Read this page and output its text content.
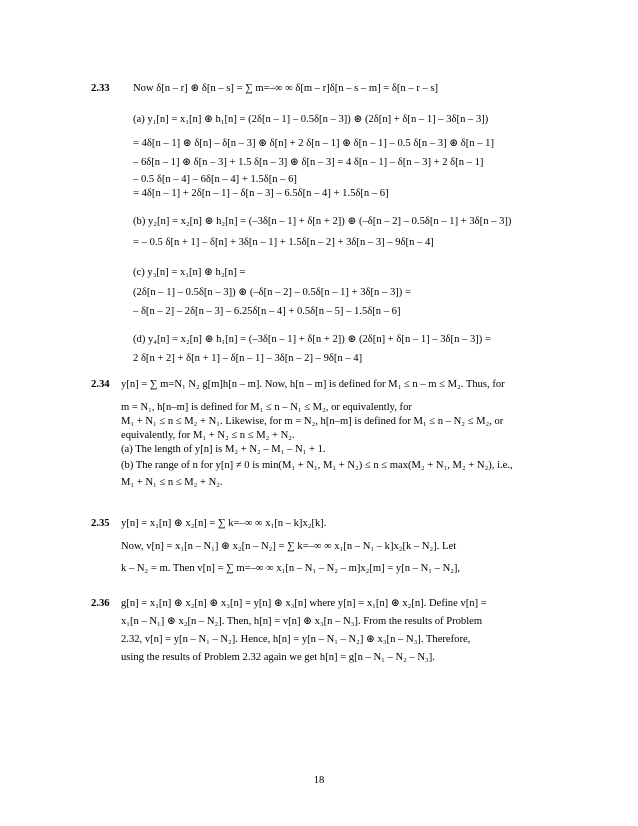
2.33 Now δ[n – r] ⊛ δ[n – s] = ∑ m=–∞ ∞ δ[m – r]δ[n – s – m] = δ[n – r – s]
(a) y₁[n] = x₁[n] ⊛ h₁[n] = (2δ[n – 1] – 0.5δ[n – 3]) ⊛ (2δ[n] + δ[n – 1] – 3δ[n – 3])
= 4δ[n – 1] ⊛ δ[n] – δ[n – 3] ⊛ δ[n] + 2 δ[n – 1] ⊛ δ[n – 1] – 0.5 δ[n – 3] ⊛ δ[n – 1]
– 6δ[n – 1] ⊛ δ[n – 3] + 1.5 δ[n – 3] ⊛ δ[n – 3] = 4 δ[n – 1] – δ[n – 3] + 2 δ[n – 1]
– 0.5 δ[n – 4] – 6δ[n – 4] + 1.5δ[n – 6]
= 4δ[n – 1] + 2δ[n – 1] – δ[n – 3] – 6.5δ[n – 4] + 1.5δ[n – 6]
(b) y₂[n] = x₂[n] ⊛ h₂[n] = (–3δ[n – 1] + δ[n + 2]) ⊛ (–δ[n – 2] – 0.5δ[n – 1] + 3δ[n – 3])
= – 0.5 δ[n + 1] – δ[n] + 3δ[n – 1] + 1.5δ[n – 2] + 3δ[n – 3] – 9δ[n – 4]
(c) y₃[n] = x₁[n] ⊛ h₂[n] =
(2δ[n – 1] – 0.5δ[n – 3]) ⊛ (–δ[n – 2] – 0.5δ[n – 1] + 3δ[n – 3]) =
– δ[n – 2] – 2δ[n – 3] – 6.25δ[n – 4] + 0.5δ[n – 5] – 1.5δ[n – 6]
(d) y₄[n] = x₂[n] ⊛ h₁[n] = (–3δ[n – 1] + δ[n + 2]) ⊛ (2δ[n] + δ[n – 1] – 3δ[n – 3]) =
2 δ[n + 2] + δ[n + 1] – δ[n – 1] – 3δ[n – 2] – 9δ[n – 4]
2.34 y[n] = ∑ m=N₁ N₂ g[m]h[n – m]. Now, h[n – m] is defined for M₁ ≤ n – m ≤ M₂. Thus, for
m = N₁, h[n–m] is defined for M₁ ≤ n – N₁ ≤ M₂, or equivalently, for
M₁ + N₁ ≤ n ≤ M₂ + N₁. Likewise, for m = N₂, h[n–m] is defined for M₁ ≤ n – N₂ ≤ M₂, or
equivalently, for M₁ + N₂ ≤ n ≤ M₂ + N₂.
(a) The length of y[n] is M₂ + N₂ – M₁ – N₁ + 1.
(b) The range of n for y[n] ≠ 0 is min(M₁ + N₁, M₁ + N₂) ≤ n ≤ max(M₂ + N₁, M₂ + N₂), i.e.,
M₁ + N₁ ≤ n ≤ M₂ + N₂.
2.35 y[n] = x₁[n] ⊛ x₂[n] = ∑ k=–∞ ∞ x₁[n – k]x₂[k].
Now, v[n] = x₁[n – N₁] ⊛ x₂[n – N₂] = ∑ k=–∞ ∞ x₁[n – N₁ – k]x₂[k – N₂]. Let
k – N₂ = m. Then v[n] = ∑ m=–∞ ∞ x₁[n – N₁ – N₂ – m]x₂[m] = y[n – N₁ – N₂],
2.36 g[n] = x₁[n] ⊛ x₂[n] ⊛ x₃[n] = y[n] ⊛ x₃[n] where y[n] = x₁[n] ⊛ x₂[n]. Define v[n] =
x₁[n – N₁] ⊛ x₂[n – N₂]. Then, h[n] = v[n] ⊛ x₃[n – N₃]. From the results of Problem
2.32, v[n] = y[n – N₁ – N₂]. Hence, h[n] = y[n – N₁ – N₂] ⊛ x₃[n – N₃]. Therefore,
using the results of Problem 2.32 again we get h[n] = g[n – N₁ – N₂ – N₃].
18
